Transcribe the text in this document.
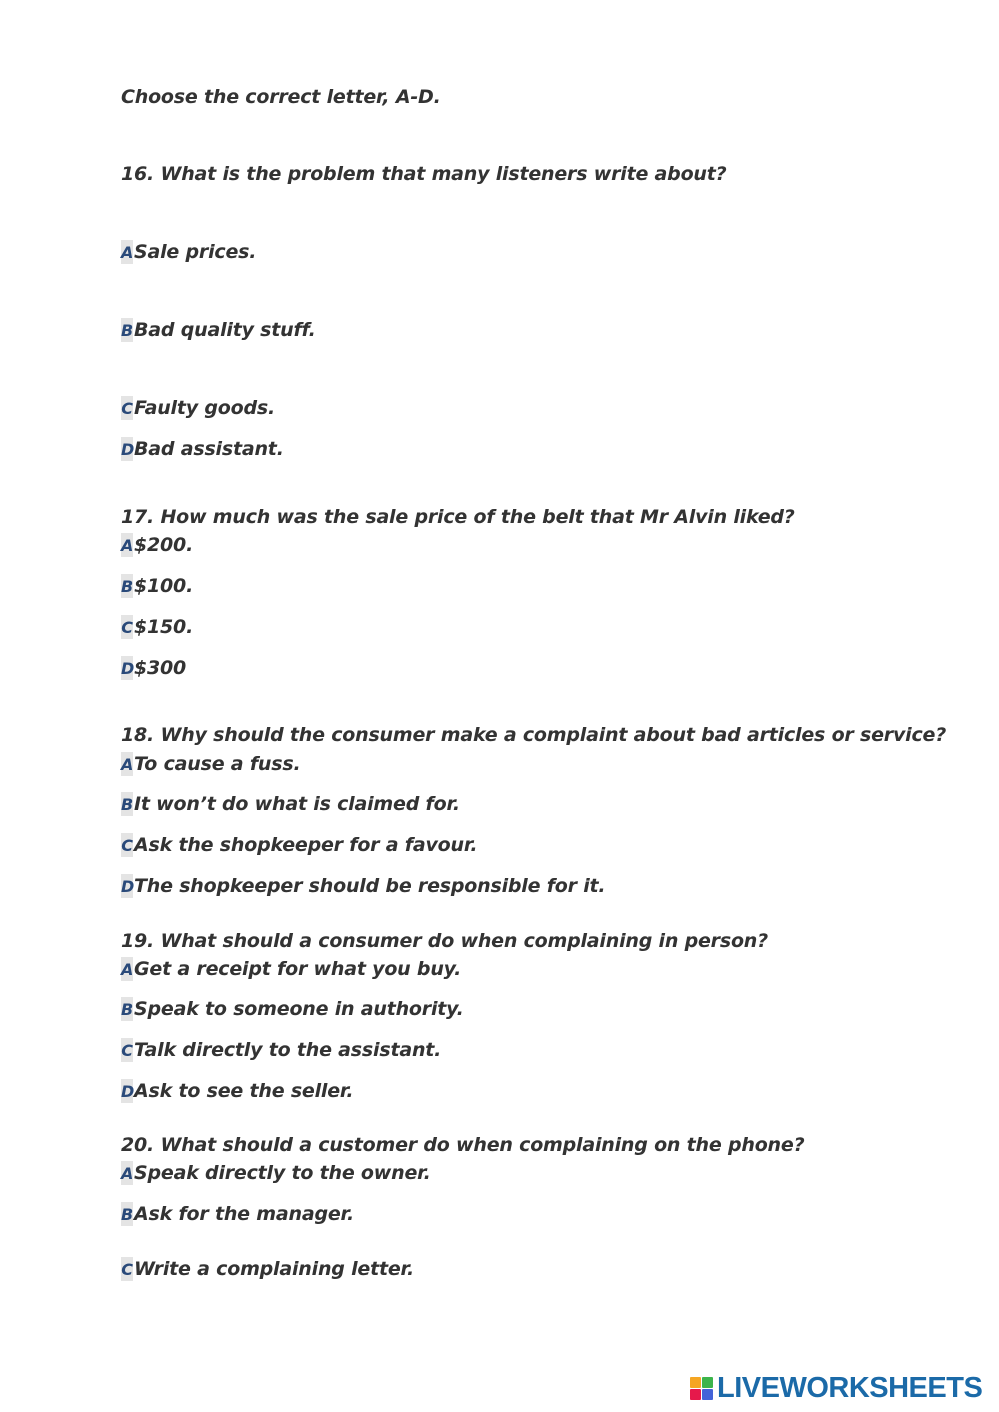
Choose the correct letter, A-D.
16. What is the problem that many listeners write about?
A Sale prices.
B Bad quality stuff.
C Faulty goods.
D Bad assistant.
17. How much was the sale price of the belt that Mr Alvin liked?
A $200.
B $100.
C $150.
D $300
18. Why should the consumer make a complaint about bad articles or service?
A To cause a fuss.
B It won’t do what is claimed for.
C Ask the shopkeeper for a favour.
D The shopkeeper should be responsible for it.
19. What should a consumer do when complaining in person?
A Get a receipt for what you buy.
B Speak to someone in authority.
C Talk directly to the assistant.
D Ask to see the seller.
20. What should a customer do when complaining on the phone?
A Speak directly to the owner.
B Ask for the manager.
C Write a complaining letter.
LIVEWORKSHEETS
